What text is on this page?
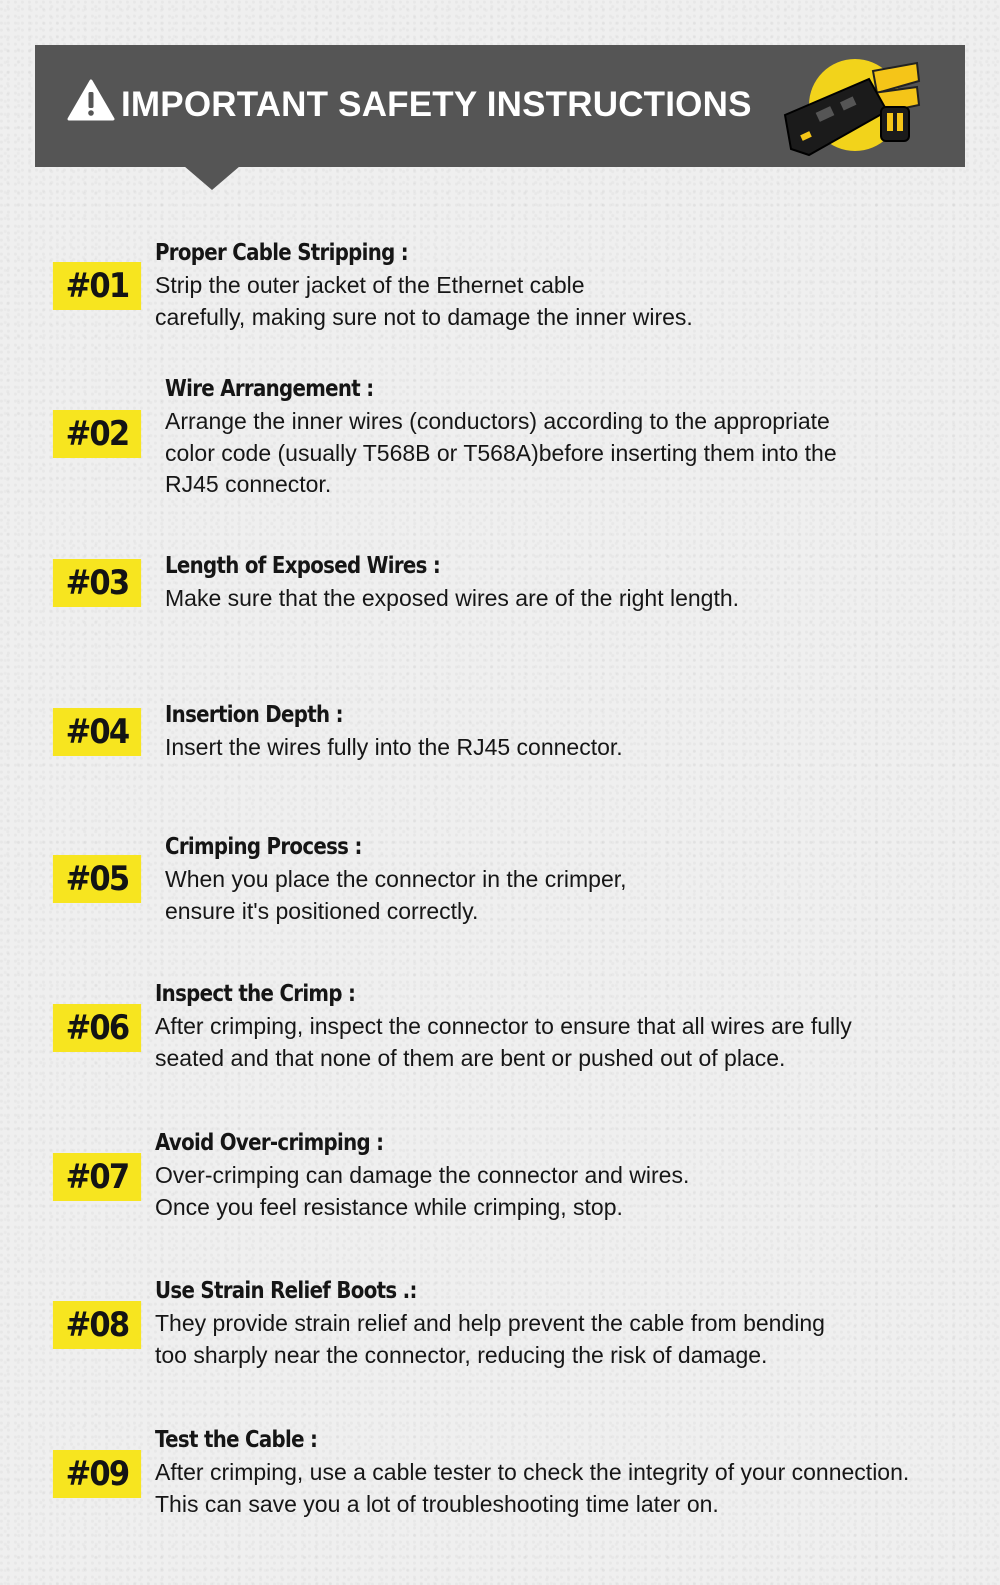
IMPORTANT SAFETY INSTRUCTIONS
#01
Proper Cable Stripping :
Strip the outer jacket of the Ethernet cable
carefully, making sure not to damage the inner wires.
#02
Wire Arrangement :
Arrange the inner wires (conductors) according to the appropriate
color code (usually T568B or T568A)before inserting them into the
RJ45 connector.
#03	Length of Exposed Wires :
Make sure that the exposed wires are of the right length.
#04	Insertion Depth :
Insert the wires fully into the RJ45 connector.
#05
Crimping Process :
When you place the connector in the crimper,
ensure it's positioned correctly.
#06
Inspect the Crimp :
After crimping, inspect the connector to ensure that all wires are fully
seated and that none of them are bent or pushed out of place.
#07
Avoid Over-crimping :
Over-crimping can damage the connector and wires.
Once you feel resistance while crimping, stop.
#08
Use Strain Relief Boots .:
They provide strain relief and help prevent the cable from bending
too sharply near the connector, reducing the risk of damage.
#09
Test the Cable :
After crimping, use a cable tester to check the integrity of your connection.
This can save you a lot of troubleshooting time later on.
